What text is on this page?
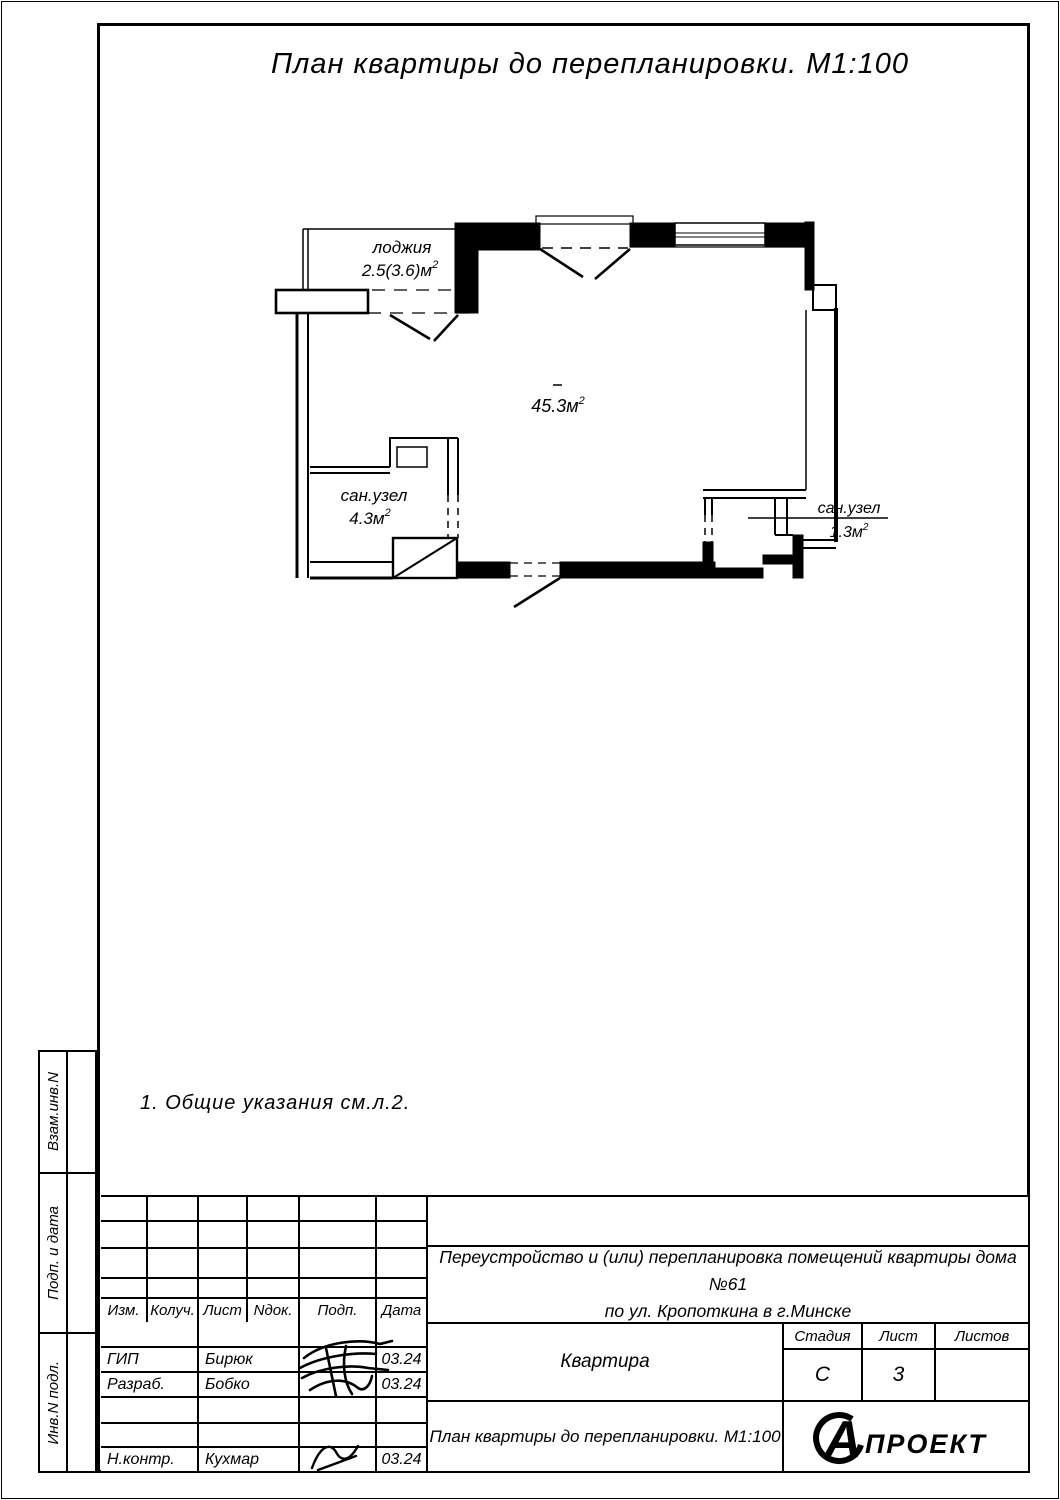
План квартиры до перепланировки. М1:100
лоджия
$2.5(3.6)м^2$
$45.3м^2$
сан.узел
$4.3м^2$	сан.узел
$1.3м^2$
1. Общие указания см.л.2.
Взам.инв.N
Подп. и дата
Инв.N подл.
Изм. Колуч. Лист Nдок.	Подп.	Дата
ГИП	Бирюк	03.24
Разраб.	Бобко	03.24
Н.контр.	Кухмар	03.24
Переустройство и (или) перепланировка помещений квартиры дома №61
по ул. Кропоткина в г.Минске
Квартира
Стадия	Лист	Листов
С	3
План квартиры до перепланировки. М1:100 А ПРОЕКТ
